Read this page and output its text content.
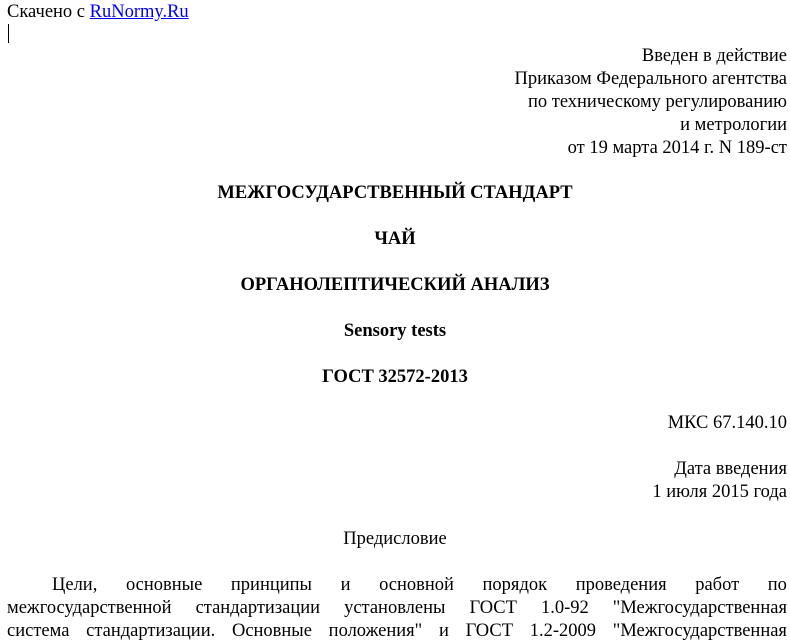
Скачено с RuNormy.Ru
Введен в действие
Приказом Федерального агентства
по техническому регулированию
и метрологии
от 19 марта 2014 г. N 189-ст
МЕЖГОСУДАРСТВЕННЫЙ СТАНДАРТ
ЧАЙ
ОРГАНОЛЕПТИЧЕСКИЙ АНАЛИЗ
Sensory tests
ГОСТ 32572-2013
МКС 67.140.10
Дата введения
1 июля 2015 года
Предисловие
Цели, основные принципы и основной порядок проведения работ по
межгосударственной стандартизации установлены ГОСТ 1.0-92 "Межгосударственная
система стандартизации. Основные положения" и ГОСТ 1.2-2009 "Межгосударственная
